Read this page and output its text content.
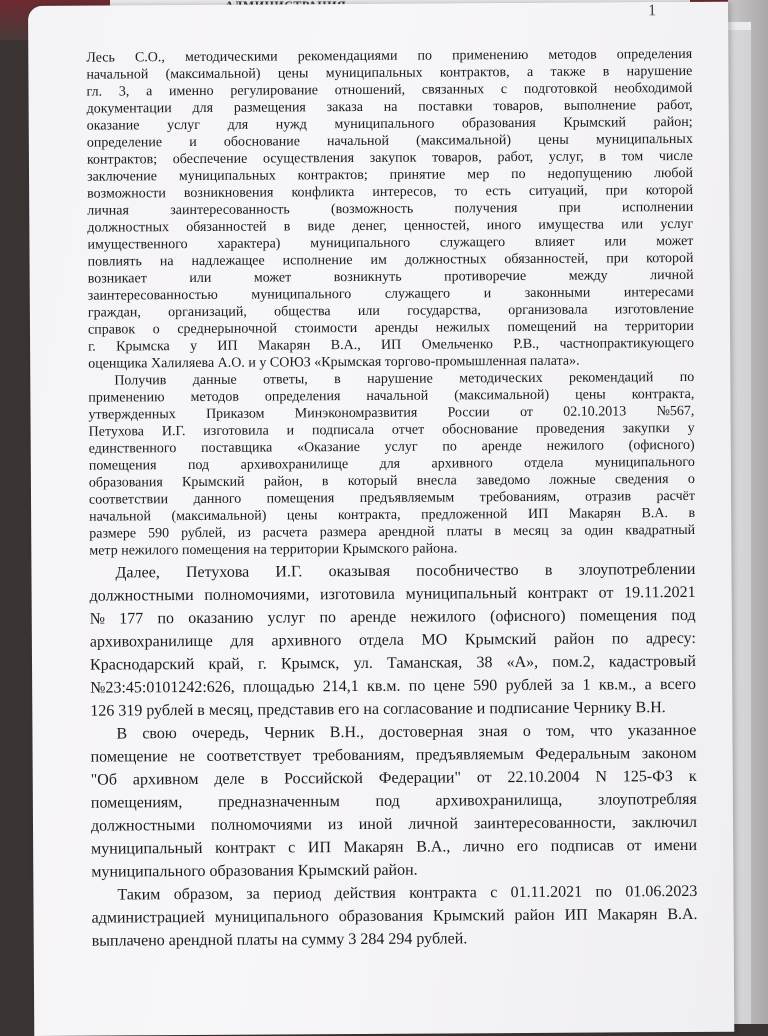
1
Лесь С.О., методическими рекомендациями по применению методов определения
начальной (максимальной) цены муниципальных контрактов, а также в нарушение
гл. 3, а именно регулирование отношений, связанных с подготовкой необходимой
документации для размещения заказа на поставки товаров, выполнение работ,
оказание услуг для нужд муниципального образования Крымский район;
определение и обоснование начальной (максимальной) цены муниципальных
контрактов; обеспечение осуществления закупок товаров, работ, услуг, в том числе
заключение муниципальных контрактов; принятие мер по недопущению любой
возможности возникновения конфликта интересов, то есть ситуаций, при которой
личная	заинтересованность	(возможность	получения	при	исполнении
должностных обязанностей в виде денег, ценностей, иного имущества или услуг
имущественного характера) муниципального служащего влияет или может
повлиять на надлежащее исполнение им должностных обязанностей, при которой
возникает	или	может	возникнуть	противоречие	между	личной
заинтересованностью муниципального служащего и законными интересами
граждан, организаций, общества или государства, организовала изготовление
справок о среднерыночной стоимости аренды нежилых помещений на территории
г. Крымска у ИП Макарян В.А., ИП Омельченко Р.В., частнопрактикующего
оценщика Халиляева А.О. и у СОЮЗ «Крымская торгово-промышленная палата».
Получив данные ответы, в нарушение методических рекомендаций по
применению методов определения начальной (максимальной) цены контракта,
утвержденных Приказом Минэкономразвития России от 02.10.2013 №567,
Петухова И.Г. изготовила и подписала отчет обоснование проведения закупки у
единственного поставщика «Оказание услуг по аренде нежилого (офисного)
помещения под архивохранилище для архивного отдела муниципального
образования Крымский район, в который внесла заведомо ложные сведения о
соответствии данного помещения предъявляемым требованиям, отразив расчёт
начальной (максимальной) цены контракта, предложенной ИП Макарян В.А. в
размере 590 рублей, из расчета размера арендной платы в месяц за один квадратный
метр нежилого помещения на территории Крымского района.
Далее, Петухова И.Г. оказывая пособничество в злоупотреблении
должностными полномочиями, изготовила муниципальный контракт от 19.11.2021
№ 177 по оказанию услуг по аренде нежилого (офисного) помещения под
архивохранилище для архивного отдела МО Крымский район по адресу:
Краснодарский край, г. Крымск, ул. Таманская, 38 «А», пом.2, кадастровый
№23:45:0101242:626, площадью 214,1 кв.м. по цене 590 рублей за 1 кв.м., а всего
126 319 рублей в месяц, представив его на согласование и подписание Чернику В.Н.
В свою очередь, Черник В.Н., достоверная зная о том, что указанное
помещение не соответствует требованиям, предъявляемым Федеральным законом
"Об архивном деле в Российской Федерации" от 22.10.2004 N 125-ФЗ к
помещениям, предназначенным под архивохранилища, злоупотребляя
должностными полномочиями из иной личной заинтересованности, заключил
муниципальный контракт с ИП Макарян В.А., лично его подписав от имени
муниципального образования Крымский район.
Таким образом, за период действия контракта с 01.11.2021 по 01.06.2023
администрацией муниципального образования Крымский район ИП Макарян В.А.
выплачено арендной платы на сумму 3 284 294 рублей.
